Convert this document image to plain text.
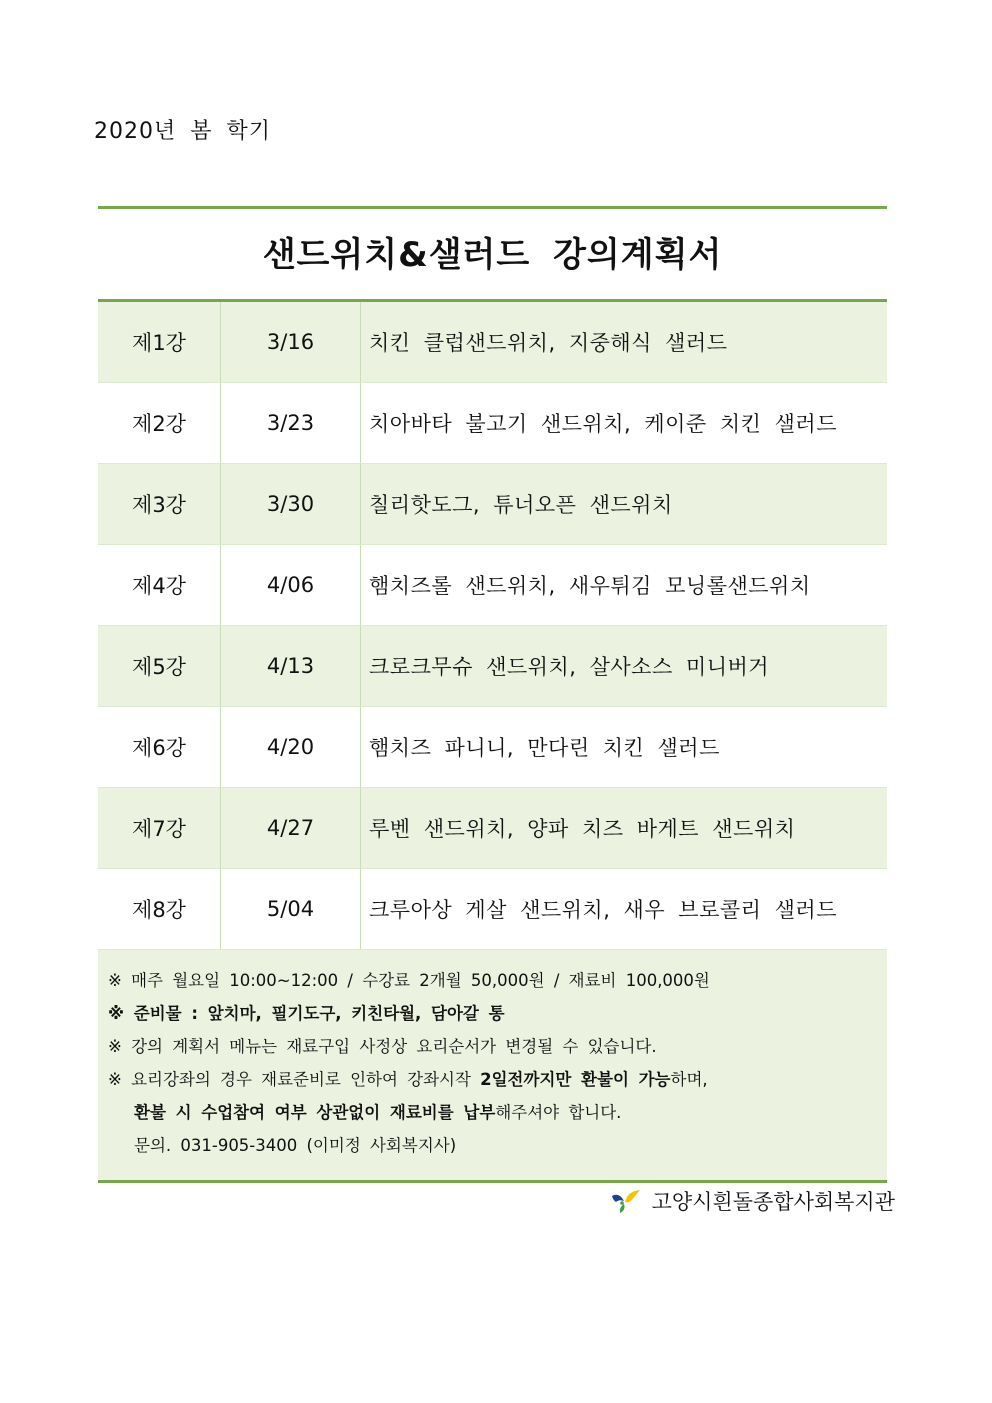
2020년 봄 학기
샌드위치&샐러드 강의계획서
제1강	3/16	치킨 클럽샌드위치, 지중해식 샐러드
제2강	3/23	치아바타 불고기 샌드위치, 케이준 치킨 샐러드
제3강	3/30	칠리핫도그, 튜너오픈 샌드위치
제4강	4/06	햄치즈롤 샌드위치, 새우튀김 모닝롤샌드위치
제5강	4/13	크로크무슈 샌드위치, 살사소스 미니버거
제6강	4/20	햄치즈 파니니, 만다린 치킨 샐러드
제7강	4/27	루벤 샌드위치, 양파 치즈 바게트 샌드위치
제8강	5/04	크루아상 게살 샌드위치, 새우 브로콜리 샐러드
※ 매주 월요일 10:00~12:00 / 수강료 2개월 50,000원 / 재료비 100,000원
※ 준비물 : 앞치마, 필기도구, 키친타월, 담아갈 통
※ 강의 계획서 메뉴는 재료구입 사정상 요리순서가 변경될 수 있습니다.
※ 요리강좌의 경우 재료준비로 인하여 강좌시작 2일전까지만 환불이 가능하며,
환불 시 수업참여 여부 상관없이 재료비를 납부해주셔야 합니다.
문의. 031-905-3400 (이미정 사회복지사)
고양시흰돌종합사회복지관
